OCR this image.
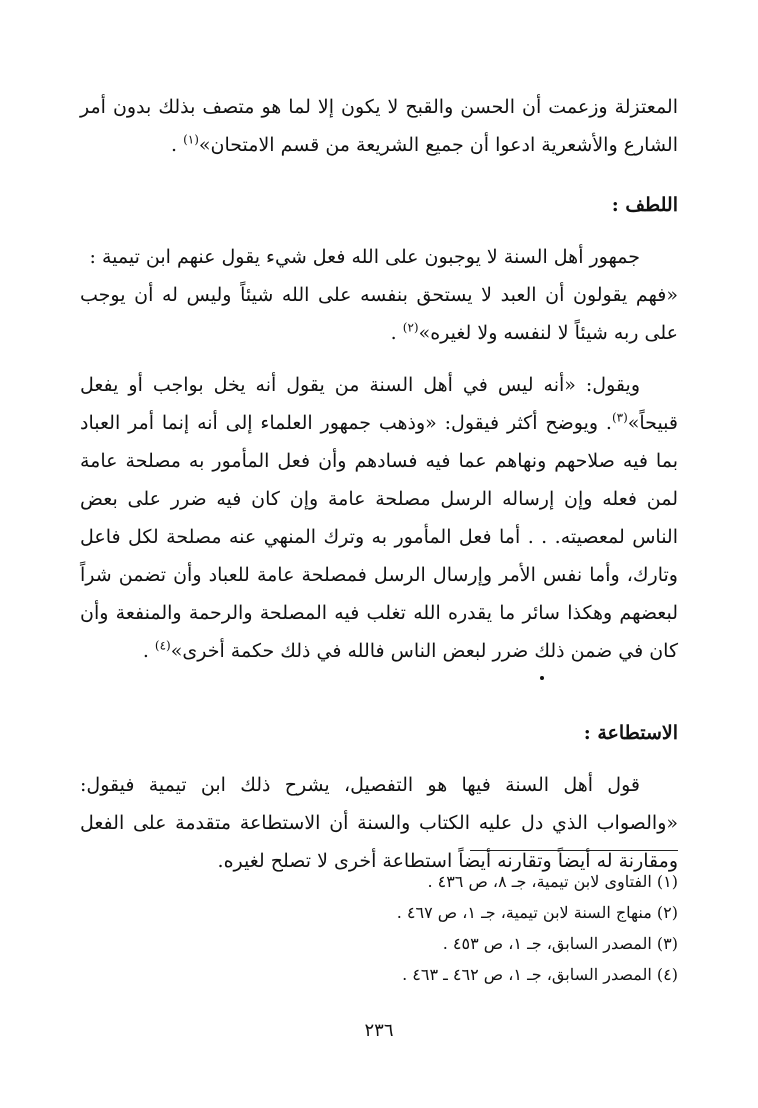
المعتزلة وزعمت أن الحسن والقبح لا يكون إلا لما هو متصف بذلك بدون أمر الشارع والأشعرية ادعوا أن جميع الشريعة من قسم الامتحان»$^{(١)}$ .

اللطف :

جمهور أهل السنة لا يوجبون على الله فعل شيء يقول عنهم ابن تيمية :

«فهم يقولون أن العبد لا يستحق بنفسه على الله شيئاً وليس له أن يوجب على ربه شيئاً لا لنفسه ولا لغيره»$^{(٢)}$ .

ويقول: «أنه ليس في أهل السنة من يقول أنه يخل بواجب أو يفعل قبيحاً»$^{(٣)}$. ويوضح أكثر فيقول: «وذهب جمهور العلماء إلى أنه إنما أمر العباد بما فيه صلاحهم ونهاهم عما فيه فسادهم وأن فعل المأمور به مصلحة عامة لمن فعله وإن إرساله الرسل مصلحة عامة وإن كان فيه ضرر على بعض الناس لمعصيته. . . أما فعل المأمور به وترك المنهي عنه مصلحة لكل فاعل وتارك، وأما نفس الأمر وإرسال الرسل فمصلحة عامة للعباد وأن تضمن شراً لبعضهم وهكذا سائر ما يقدره الله تغلب فيه المصلحة والرحمة والمنفعة وأن كان في ضمن ذلك ضرر لبعض الناس فالله في ذلك حكمة أخرى»$^{(٤)}$ .

الاستطاعة :

قول أهل السنة فيها هو التفصيل، يشرح ذلك ابن تيمية فيقول: «والصواب الذي دل عليه الكتاب والسنة أن الاستطاعة متقدمة على الفعل ومقارنة له أيضاً وتقارنه أيضاً استطاعة أخرى لا تصلح لغيره.

(١) الفتاوى لابن تيمية، جـ ٨، ص ٤٣٦ .
(٢) منهاج السنة لابن تيمية، جـ ١، ص ٤٦٧ .
(٣) المصدر السابق، جـ ١، ص ٤٥٣ .
(٤) المصدر السابق، جـ ١، ص ٤٦٢ ـ ٤٦٣ .
٢٣٦
